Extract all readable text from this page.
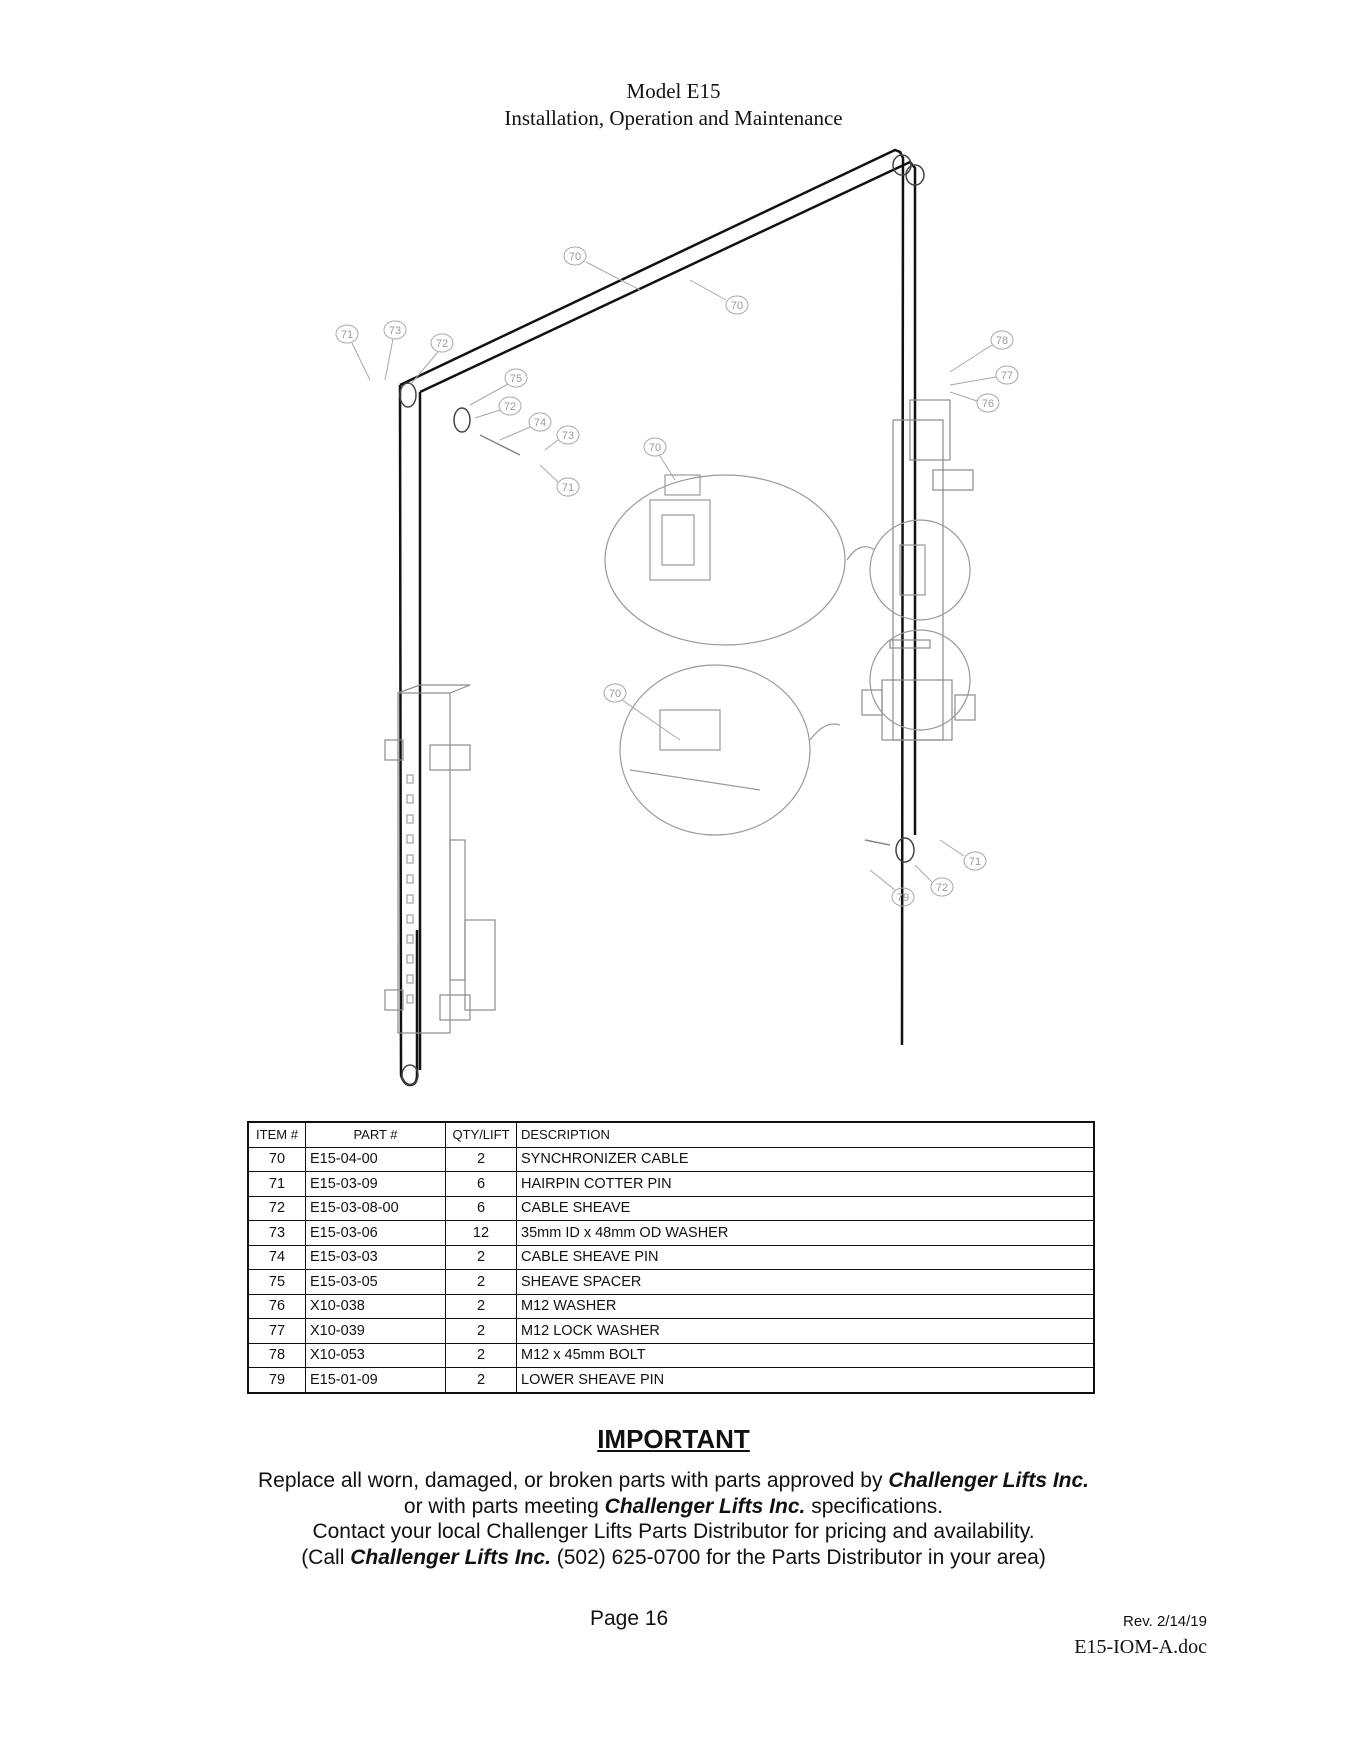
Model E15
Installation, Operation and Maintenance
70
70
70
70
71	73
72
75
72
74
73
71
78
77
76
71
72
79
ITEM #	PART #	QTY/LIFT	DESCRIPTION
70	E15-04-00	2	SYNCHRONIZER CABLE
71	E15-03-09	6	HAIRPIN COTTER PIN
72	E15-03-08-00	6	CABLE SHEAVE
73	E15-03-06	12	35mm ID x 48mm OD WASHER
74	E15-03-03	2	CABLE SHEAVE PIN
75	E15-03-05	2	SHEAVE SPACER
76	X10-038	2	M12 WASHER
77	X10-039	2	M12 LOCK WASHER
78	X10-053	2	M12 x 45mm BOLT
79	E15-01-09	2	LOWER SHEAVE PIN
IMPORTANT
Replace all worn, damaged, or broken parts with parts approved by Challenger Lifts Inc.
or with parts meeting Challenger Lifts Inc. specifications.
Contact your local Challenger Lifts Parts Distributor for pricing and availability.
(Call Challenger Lifts Inc. (502) 625-0700 for the Parts Distributor in your area)
Page 16	Rev. 2/14/19
E15-IOM-A.doc
